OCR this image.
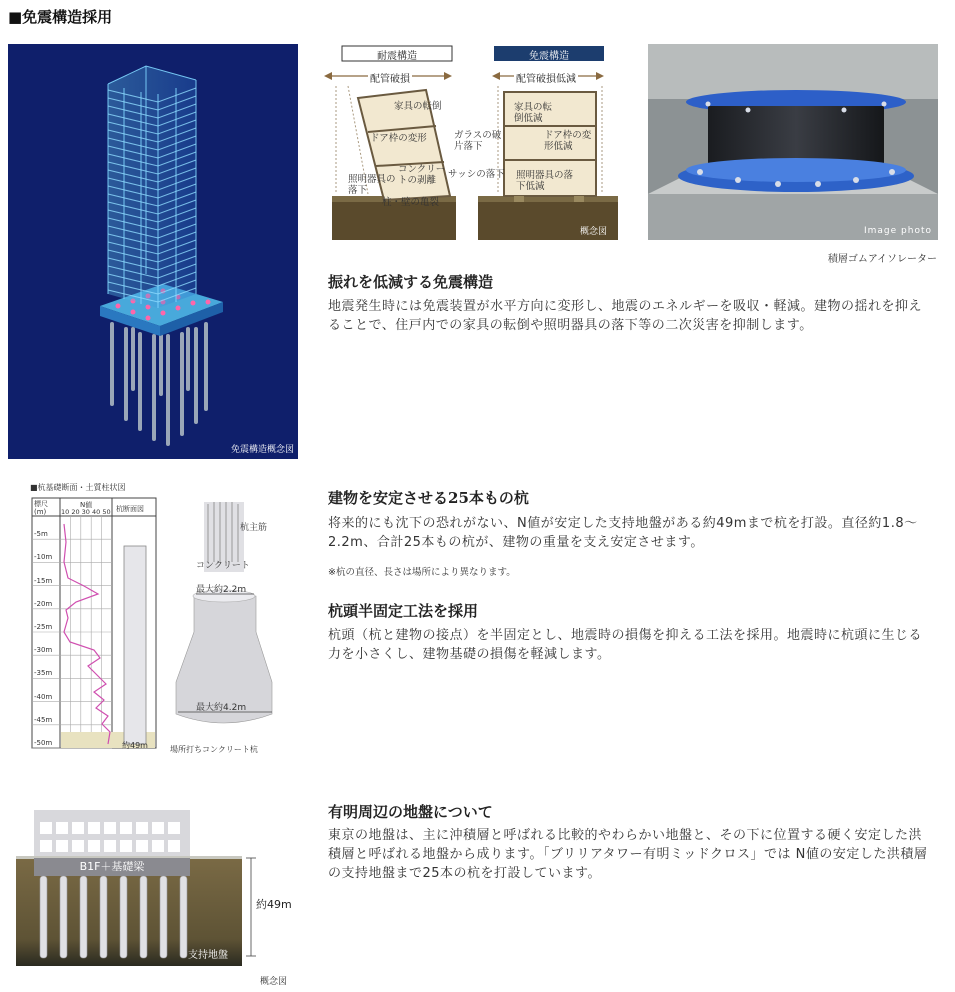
■免震構造採用
免震構造概念図
耐震構造	免震構造
配管破損	配管破損低減
家具の転倒
ドア枠の変形	ガラスの破片落下
コンクリートの剥離
サッシの落下
照明器具の落下
柱・壁の亀裂
家具の転倒低減
ドア枠の変形低減
照明器具の落下低減
概念図	Image photo
積層ゴムアイソレーター
振れを低減する免震構造
地震発生時には免震装置が水平方向に変形し、地震のエネルギーを吸収・軽減。建物の揺れを抑えることで、住戸内での家具の転倒や照明器具の落下等の二次災害を抑制します。
■杭基礎断面・土質柱状図
標尺(m)
N値
10 20 30 40 50 杭断面図
-5m
-10m
-15m
-20m
-25m
-30m
-35m
-40m
-45m
-50m	約49m
杭主筋
コンクリート
最大約2.2m
最大約4.2m
場所打ちコンクリート杭
建物を安定させる25本もの杭
将来的にも沈下の恐れがない、N値が安定した支持地盤がある約49mまで杭を打設。直径約1.8～2.2m、合計25本もの杭が、建物の重量を支え安定させます。
※杭の直径、長さは場所により異なります。
杭頭半固定工法を採用
杭頭（杭と建物の接点）を半固定とし、地震時の損傷を抑える工法を採用。地震時に杭頭に生じる力を小さくし、建物基礎の損傷を軽減します。
B1F＋基礎梁
約49m
支持地盤
概念図
有明周辺の地盤について
東京の地盤は、主に沖積層と呼ばれる比較的やわらかい地盤と、その下に位置する硬く安定した洪積層と呼ばれる地盤から成ります。「ブリリアタワー有明ミッドクロス」では N値の安定した洪積層の支持地盤まで25本の杭を打設しています。
